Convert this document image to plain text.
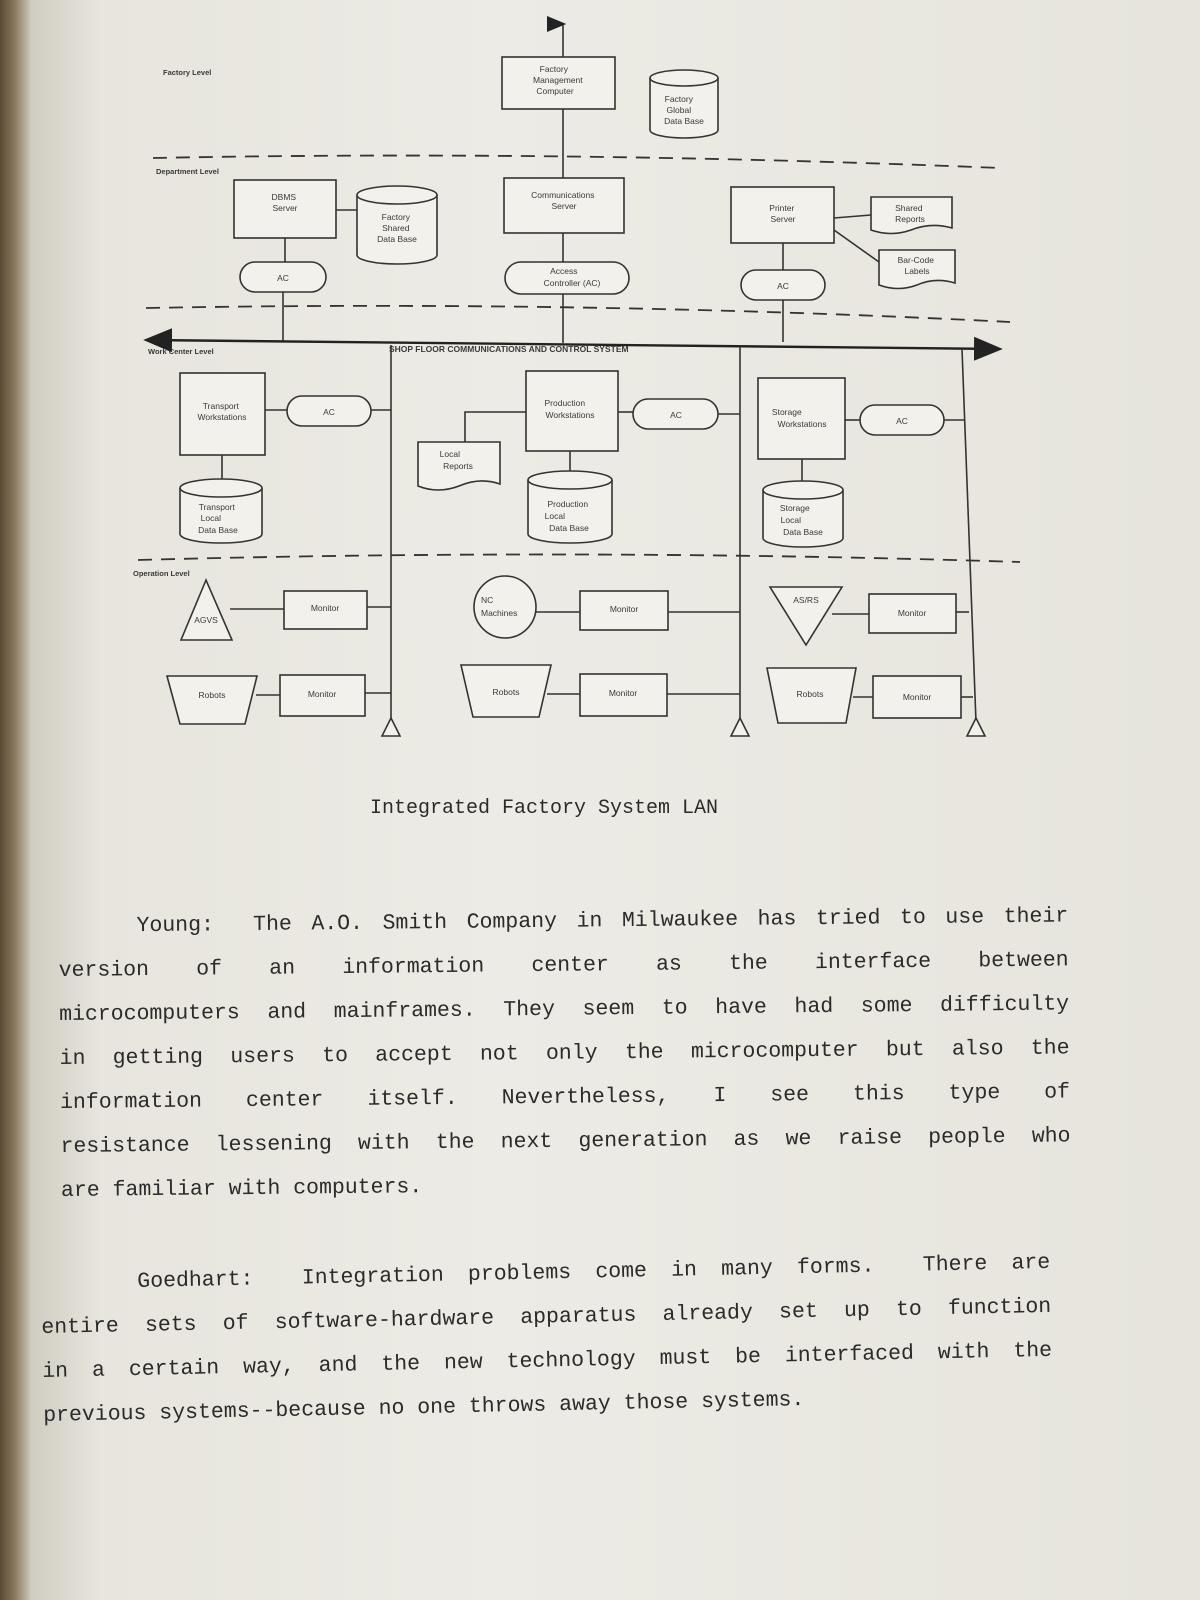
Factory Level
Department Level
Work Center Level
Operation Level
Factory Management Computer
Factory Global Data Base
DBMS Server
Factory Shared Data Base
AC
Communications Server
Access Controller (AC)
Printer Server
Shared Reports
Bar-Code Labels
AC
SHOP FLOOR COMMUNICATIONS AND CONTROL SYSTEM
Transport Workstations	AC
Transport Local Data Base
Production Workstations	AC
Local Reports
Production Local Data Base
Storage Workstations	AC
Storage Local Data Base
AGVS
Monitor
Robots	Monitor
NC Machines	Monitor
Robots	Monitor
AS/RS
Monitor
Robots	Monitor
Integrated Factory System LAN
Young:  The A.O. Smith Company in Milwaukee has tried to use their
version of an information center as the interface between
microcomputers and mainframes. They seem to have had some difficulty
in getting users to accept not only the microcomputer but also the
information center itself. Nevertheless, I see this type of
resistance lessening with the next generation as we raise people who
are familiar with computers.
Goedhart:  Integration problems come in many forms.  There are
entire sets of software-hardware apparatus already set up to function
in a certain way, and the new technology must be interfaced with the
previous systems--because no one throws away those systems.
